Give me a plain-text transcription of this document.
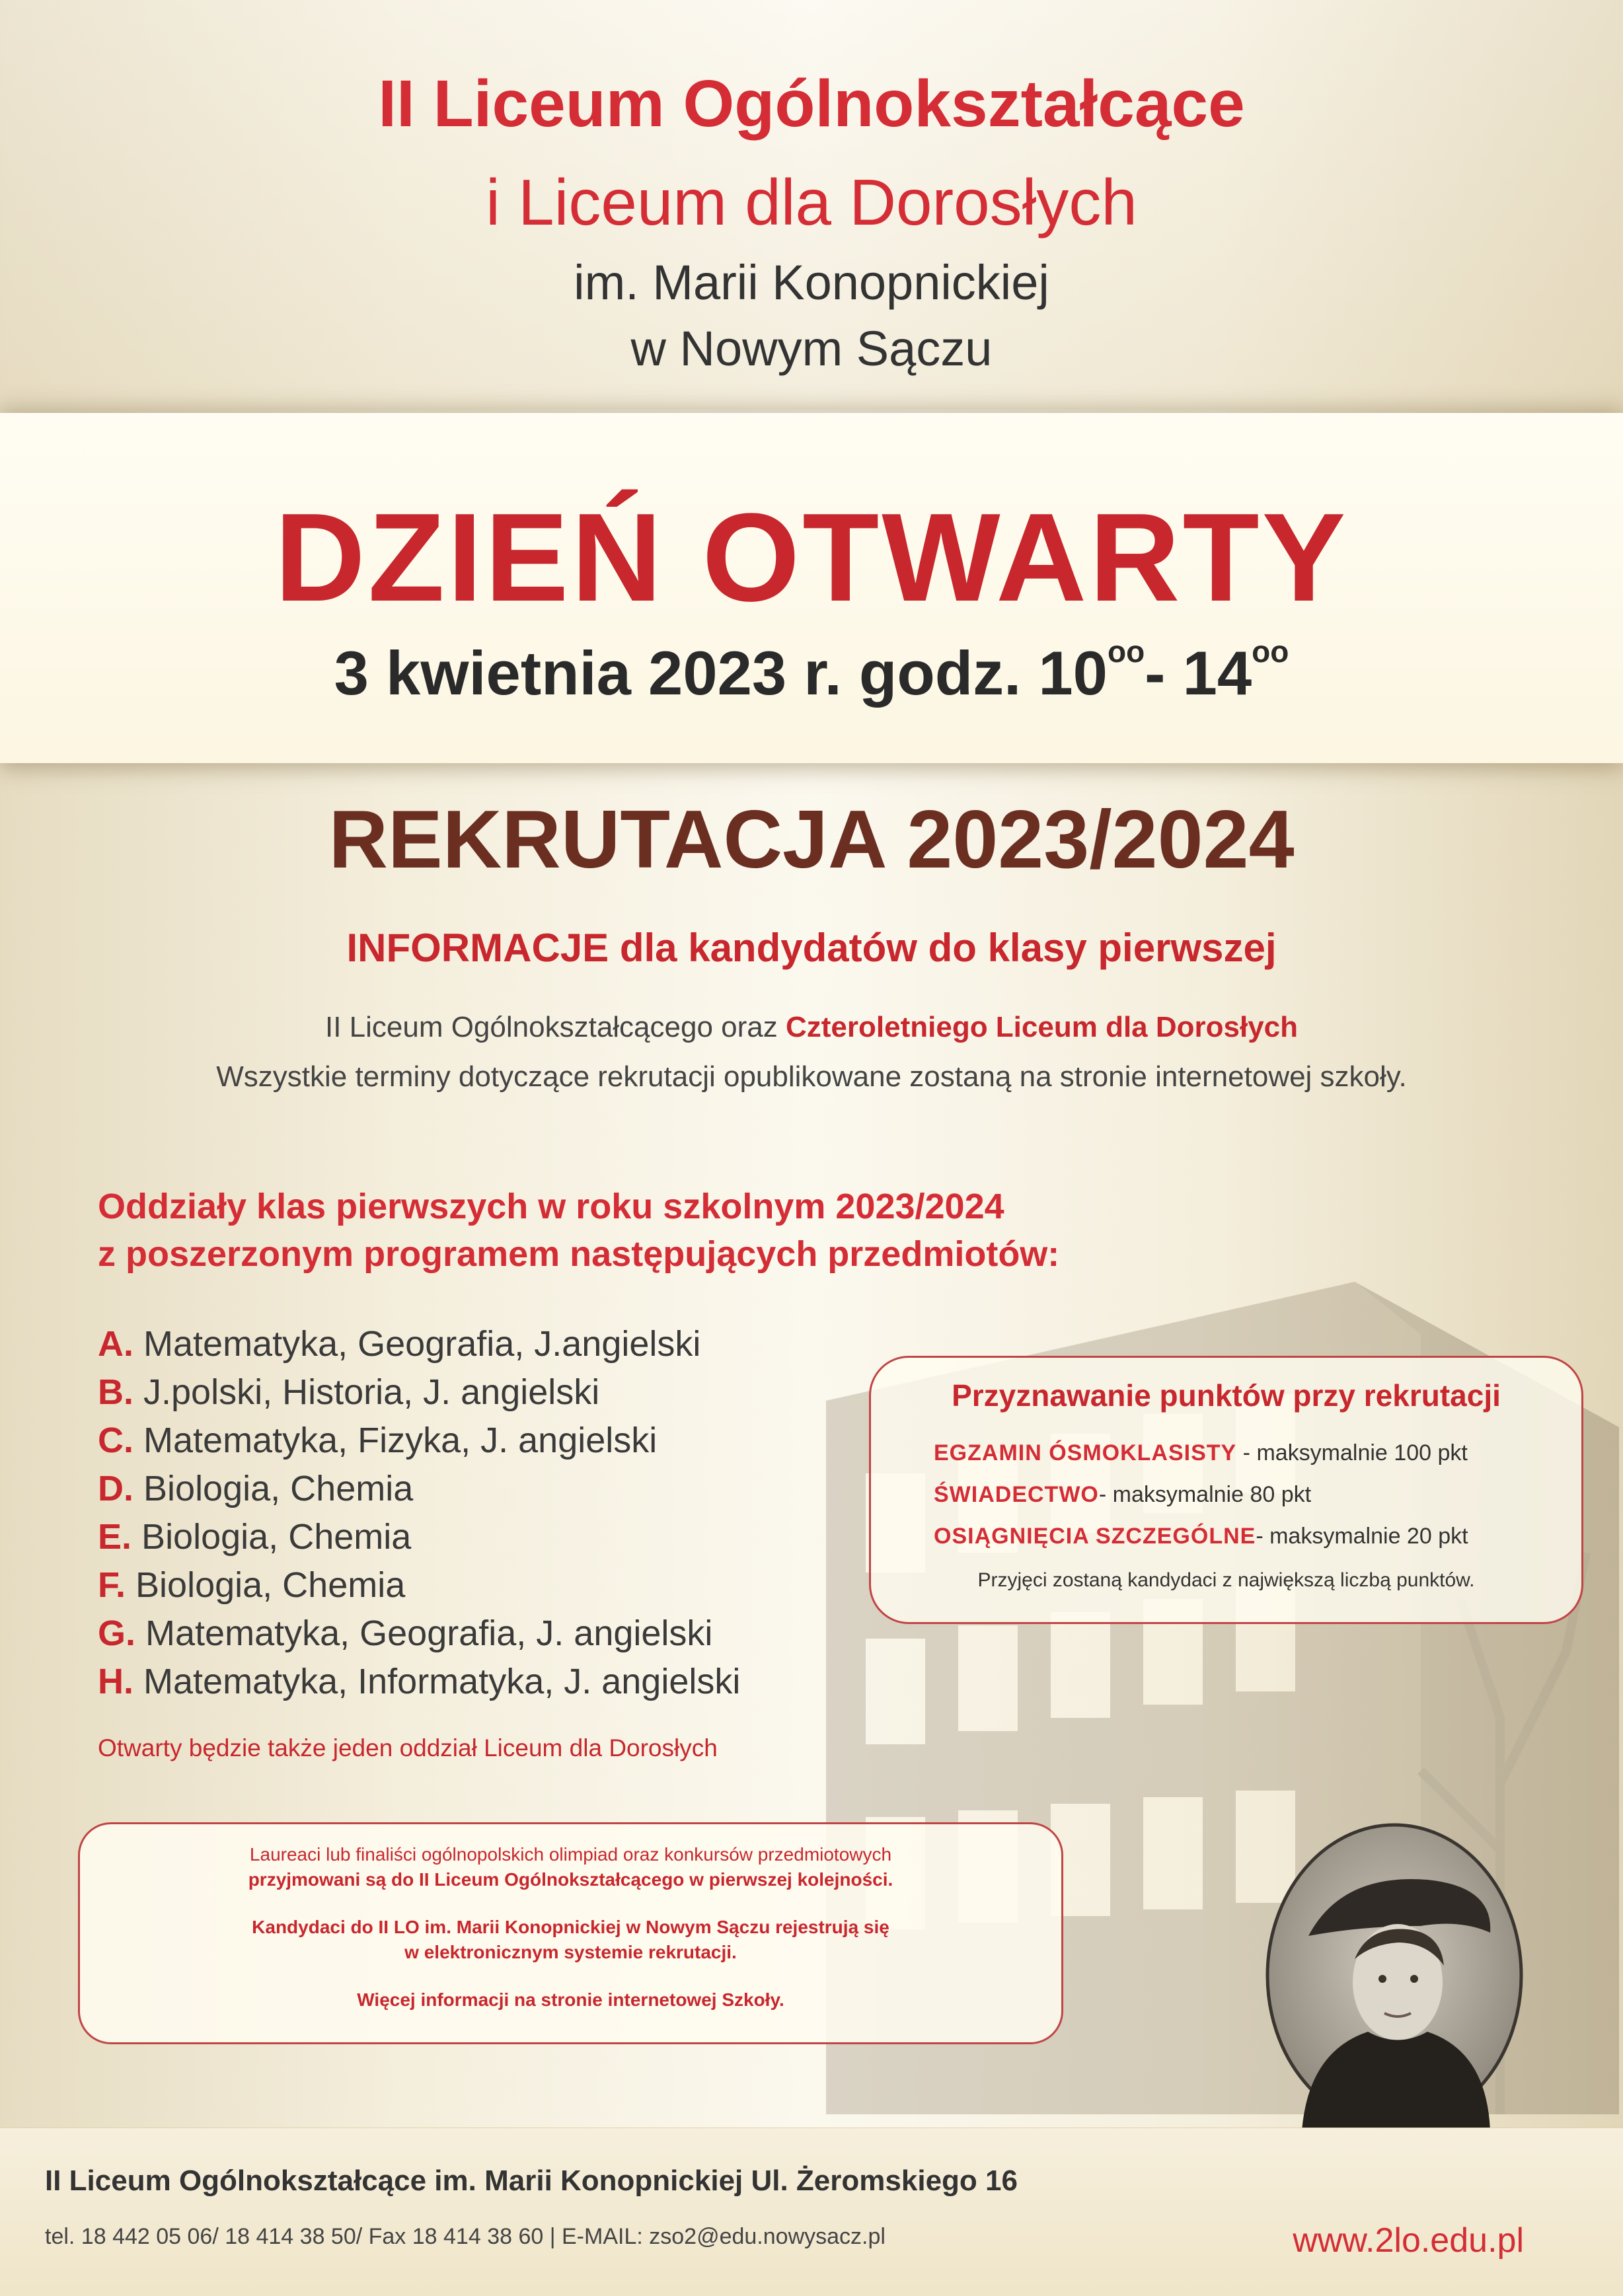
II Liceum Ogólnokształcące
i Liceum dla Dorosłych
im. Marii Konopnickiej
w Nowym Sączu
DZIEŃ OTWARTY
3 kwietnia 2023 r. godz. $10^{oo}-$ $14^{oo}$
REKRUTACJA 2023/2024
INFORMACJE dla kandydatów do klasy pierwszej
II Liceum Ogólnokształcącego oraz Czteroletniego Liceum dla Dorosłych
Wszystkie terminy dotyczące rekrutacji opublikowane zostaną na stronie internetowej szkoły.
Oddziały klas pierwszych w roku szkolnym 2023/2024
z poszerzonym programem następujących przedmiotów:
A. Matematyka, Geografia, J.angielski
B. J.polski, Historia, J. angielski
C. Matematyka, Fizyka, J. angielski
D. Biologia, Chemia
E. Biologia, Chemia
F. Biologia, Chemia
G. Matematyka, Geografia, J. angielski
H. Matematyka, Informatyka, J. angielski
Otwarty będzie także jeden oddział Liceum dla Dorosłych
Przyznawanie punktów przy rekrutacji
EGZAMIN ÓSMOKLASISTY - maksymalnie 100 pkt
ŚWIADECTWO- maksymalnie 80 pkt
OSIĄGNIĘCIA SZCZEGÓLNE- maksymalnie 20 pkt
Przyjęci zostaną kandydaci z największą liczbą punktów.
Laureaci lub finaliści ogólnopolskich olimpiad oraz konkursów przedmiotowych
przyjmowani są do II Liceum Ogólnokształcącego w pierwszej kolejności.
Kandydaci do II LO im. Marii Konopnickiej w Nowym Sączu rejestrują się
w elektronicznym systemie rekrutacji.
Więcej informacji na stronie internetowej Szkoły.
II Liceum Ogólnokształcące im. Marii Konopnickiej Ul. Żeromskiego 16
tel. 18 442 05 06/ 18 414 38 50/ Fax 18 414 38 60 | E-MAIL: zso2@edu.nowysacz.pl	www.2lo.edu.pl
